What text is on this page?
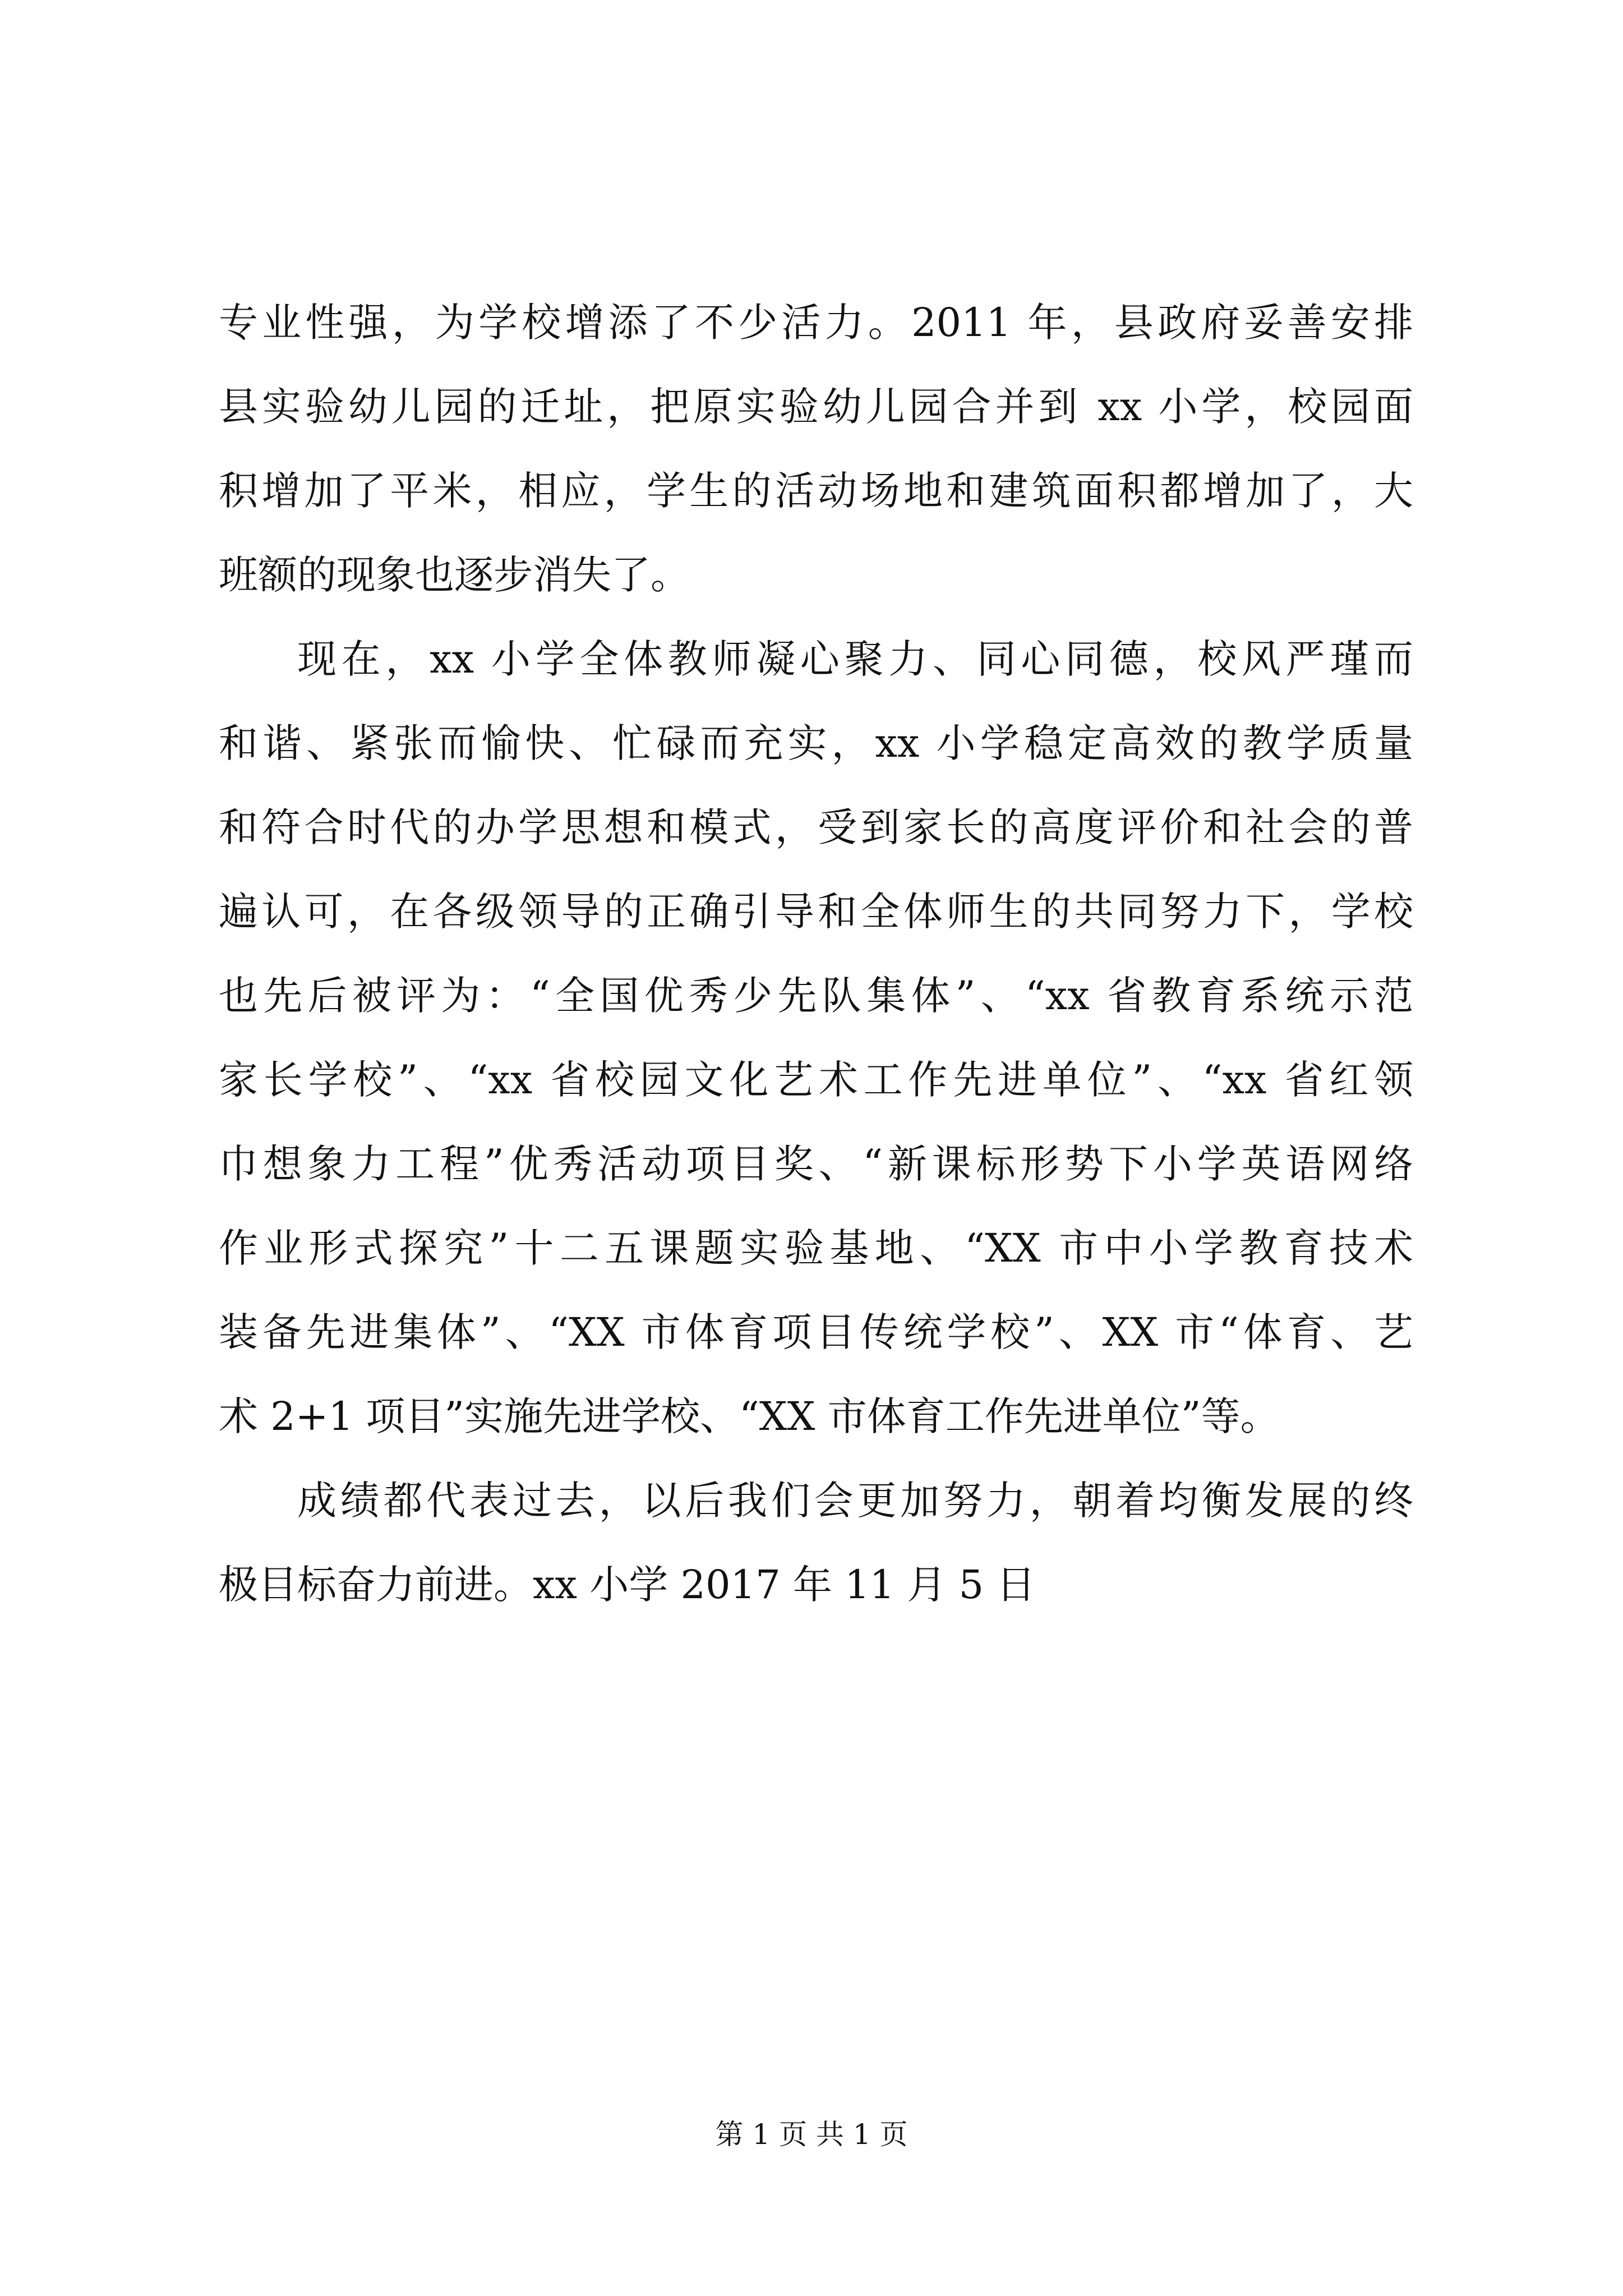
专业性强，为学校增添了不少活力。2011 年，县政府妥善安排
县实验幼儿园的迁址，把原实验幼儿园合并到 xx 小学，校园面
积增加了平米，相应，学生的活动场地和建筑面积都增加了，大
班额的现象也逐步消失了。
现在，xx 小学全体教师凝心聚力、同心同德，校风严瑾而
和谐、紧张而愉快、忙碌而充实，xx 小学稳定高效的教学质量
和符合时代的办学思想和模式，受到家长的高度评价和社会的普
遍认可，在各级领导的正确引导和全体师生的共同努力下，学校
也先后被评为：“全国优秀少先队集体”、“xx 省教育系统示范
家长学校”、“xx 省校园文化艺术工作先进单位”、“xx 省红领
巾想象力工程”优秀活动项目奖、“新课标形势下小学英语网络
作业形式探究”十二五课题实验基地、“XX 市中小学教育技术
装备先进集体”、“XX 市体育项目传统学校”、XX 市“体育、艺
术 2+1 项目”实施先进学校、“XX 市体育工作先进单位”等。
成绩都代表过去，以后我们会更加努力，朝着均衡发展的终
极目标奋力前进。xx 小学 2017 年 11 月 5 日
第 1 页 共 1 页
